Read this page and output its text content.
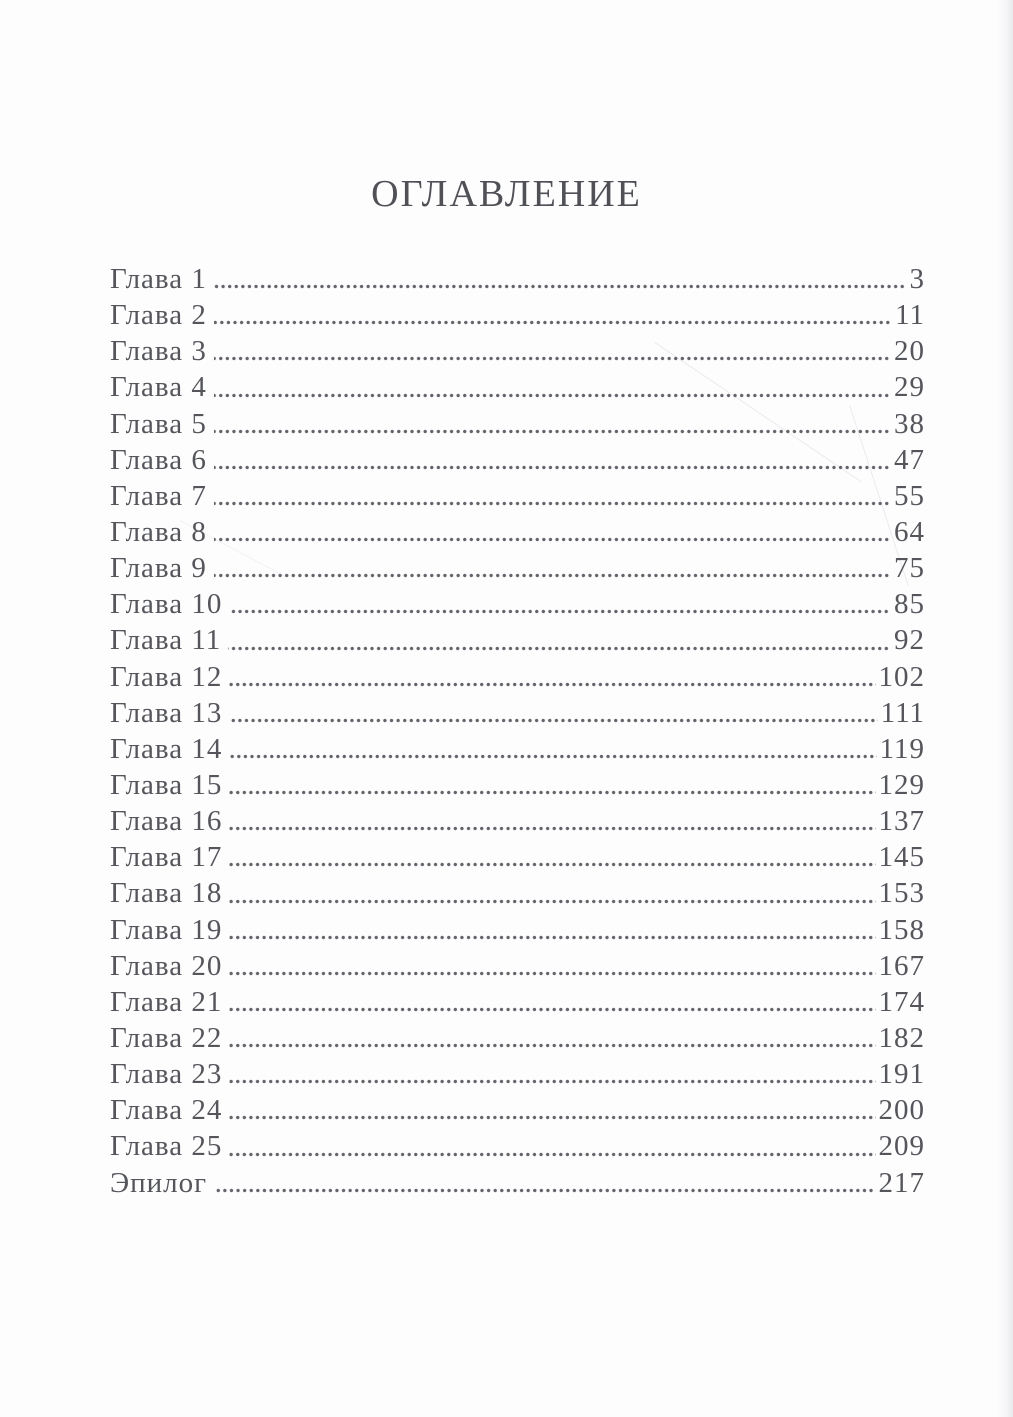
ОГЛАВЛЕНИЕ
Глава 1	3
Глава 2	11
Глава 3	20
Глава 4	29
Глава 5	38
Глава 6	47
Глава 7	55
Глава 8	64
Глава 9	75
Глава 10	85
Глава 11	92
Глава 12	102
Глава 13	111
Глава 14	119
Глава 15	129
Глава 16	137
Глава 17	145
Глава 18	153
Глава 19	158
Глава 20	167
Глава 21	174
Глава 22	182
Глава 23	191
Глава 24	200
Глава 25	209
Эпилог	217
